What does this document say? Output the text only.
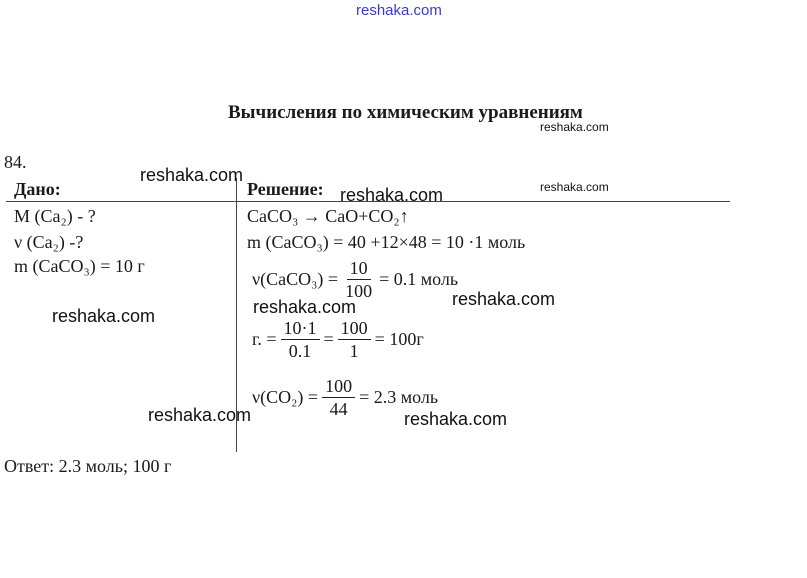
reshaka.com
Вычисления по химическим уравнениям
84.
Дано:
M (Ca₂) - ?
ν (Ca₂) -?
m (CaCO₃) = 10 г
Решение:
CaCO₃ → CaO+CO₂↑
m (CaCO₃) = 40 +12×48 = 10 ·1 моль
ν(CaCO₃) = $\frac{10}{100} = 0.1$ моль
г. = $\frac{10\cdot 1}{0.1} = \frac{100}{1} = 100г$
$\nu(CO_2) = \frac{100}{44} = 2.3$ моль
Ответ: 2.3 моль; 100 г
reshaka.com
reshaka.com
reshaka.com	reshaka.com
reshaka.com	reshaka.com
reshaka.com
reshaka.com	reshaka.com
